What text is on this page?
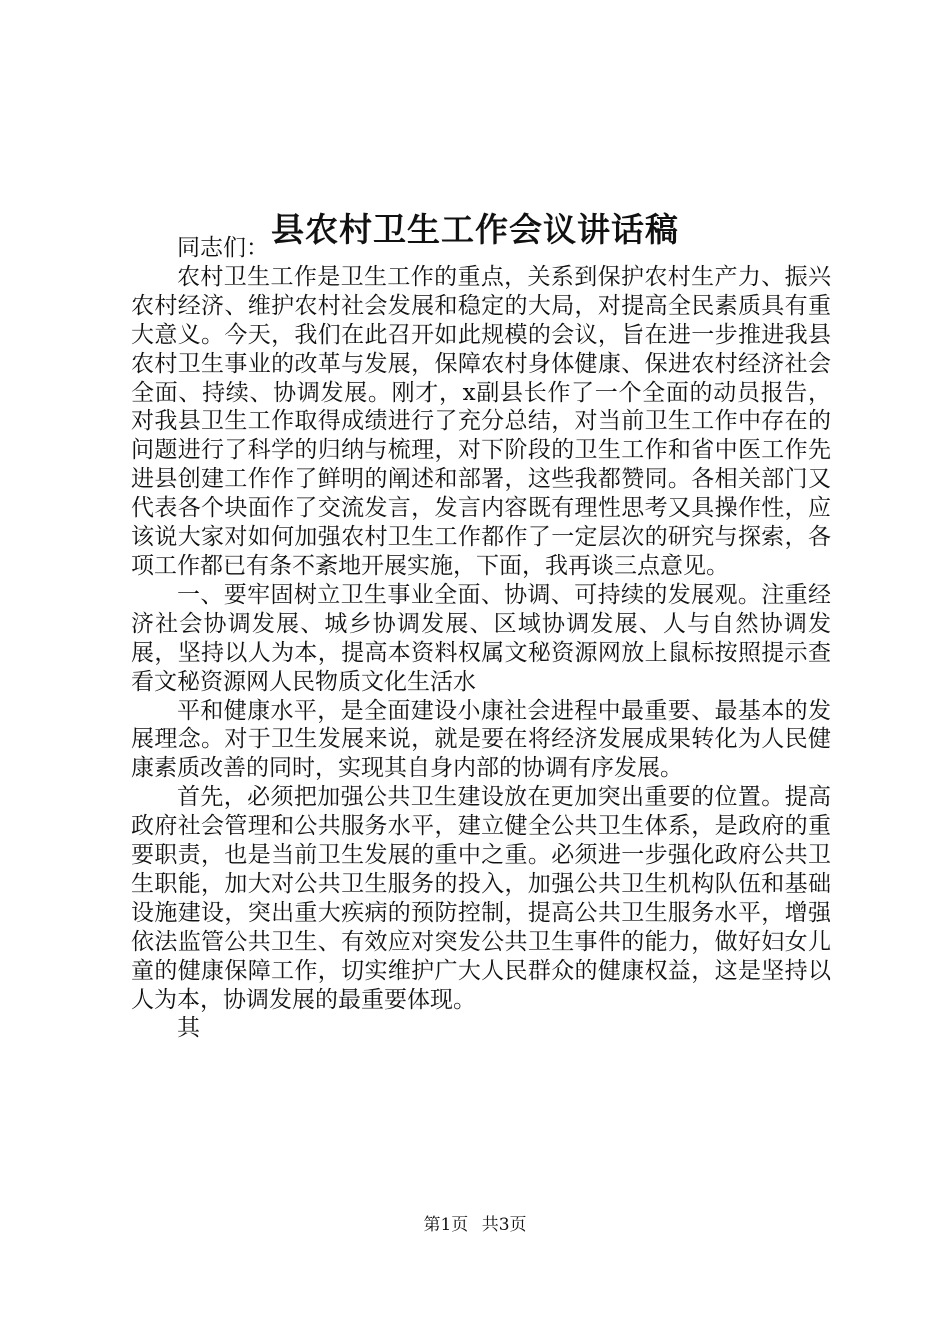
县农村卫生工作会议讲话稿

同志们：

农村卫生工作是卫生工作的重点，关系到保护农村生产力、振兴农村经济、维护农村社会发展和稳定的大局，对提高全民素质具有重大意义。今天，我们在此召开如此规模的会议，旨在进一步推进我县农村卫生事业的改革与发展，保障农村身体健康、保进农村经济社会全面、持续、协调发展。刚才，x副县长作了一个全面的动员报告，对我县卫生工作取得成绩进行了充分总结，对当前卫生工作中存在的问题进行了科学的归纳与梳理，对下阶段的卫生工作和省中医工作先进县创建工作作了鲜明的阐述和部署，这些我都赞同。各相关部门又代表各个块面作了交流发言，发言内容既有理性思考又具操作性，应该说大家对如何加强农村卫生工作都作了一定层次的研究与探索，各项工作都已有条不紊地开展实施，下面，我再谈三点意见。

一、要牢固树立卫生事业全面、协调、可持续的发展观。注重经济社会协调发展、城乡协调发展、区域协调发展、人与自然协调发展，坚持以人为本，提高本资料权属文秘资源网放上鼠标按照提示查看文秘资源网人民物质文化生活水

平和健康水平，是全面建设小康社会进程中最重要、最基本的发展理念。对于卫生发展来说，就是要在将经济发展成果转化为人民健康素质改善的同时，实现其自身内部的协调有序发展。

首先，必须把加强公共卫生建设放在更加突出重要的位置。提高政府社会管理和公共服务水平，建立健全公共卫生体系，是政府的重要职责，也是当前卫生发展的重中之重。必须进一步强化政府公共卫生职能，加大对公共卫生服务的投入，加强公共卫生机构队伍和基础设施建设，突出重大疾病的预防控制，提高公共卫生服务水平，增强依法监管公共卫生、有效应对突发公共卫生事件的能力，做好妇女儿童的健康保障工作，切实维护广大人民群众的健康权益，这是坚持以人为本，协调发展的最重要体现。

其

第1页 共3页
